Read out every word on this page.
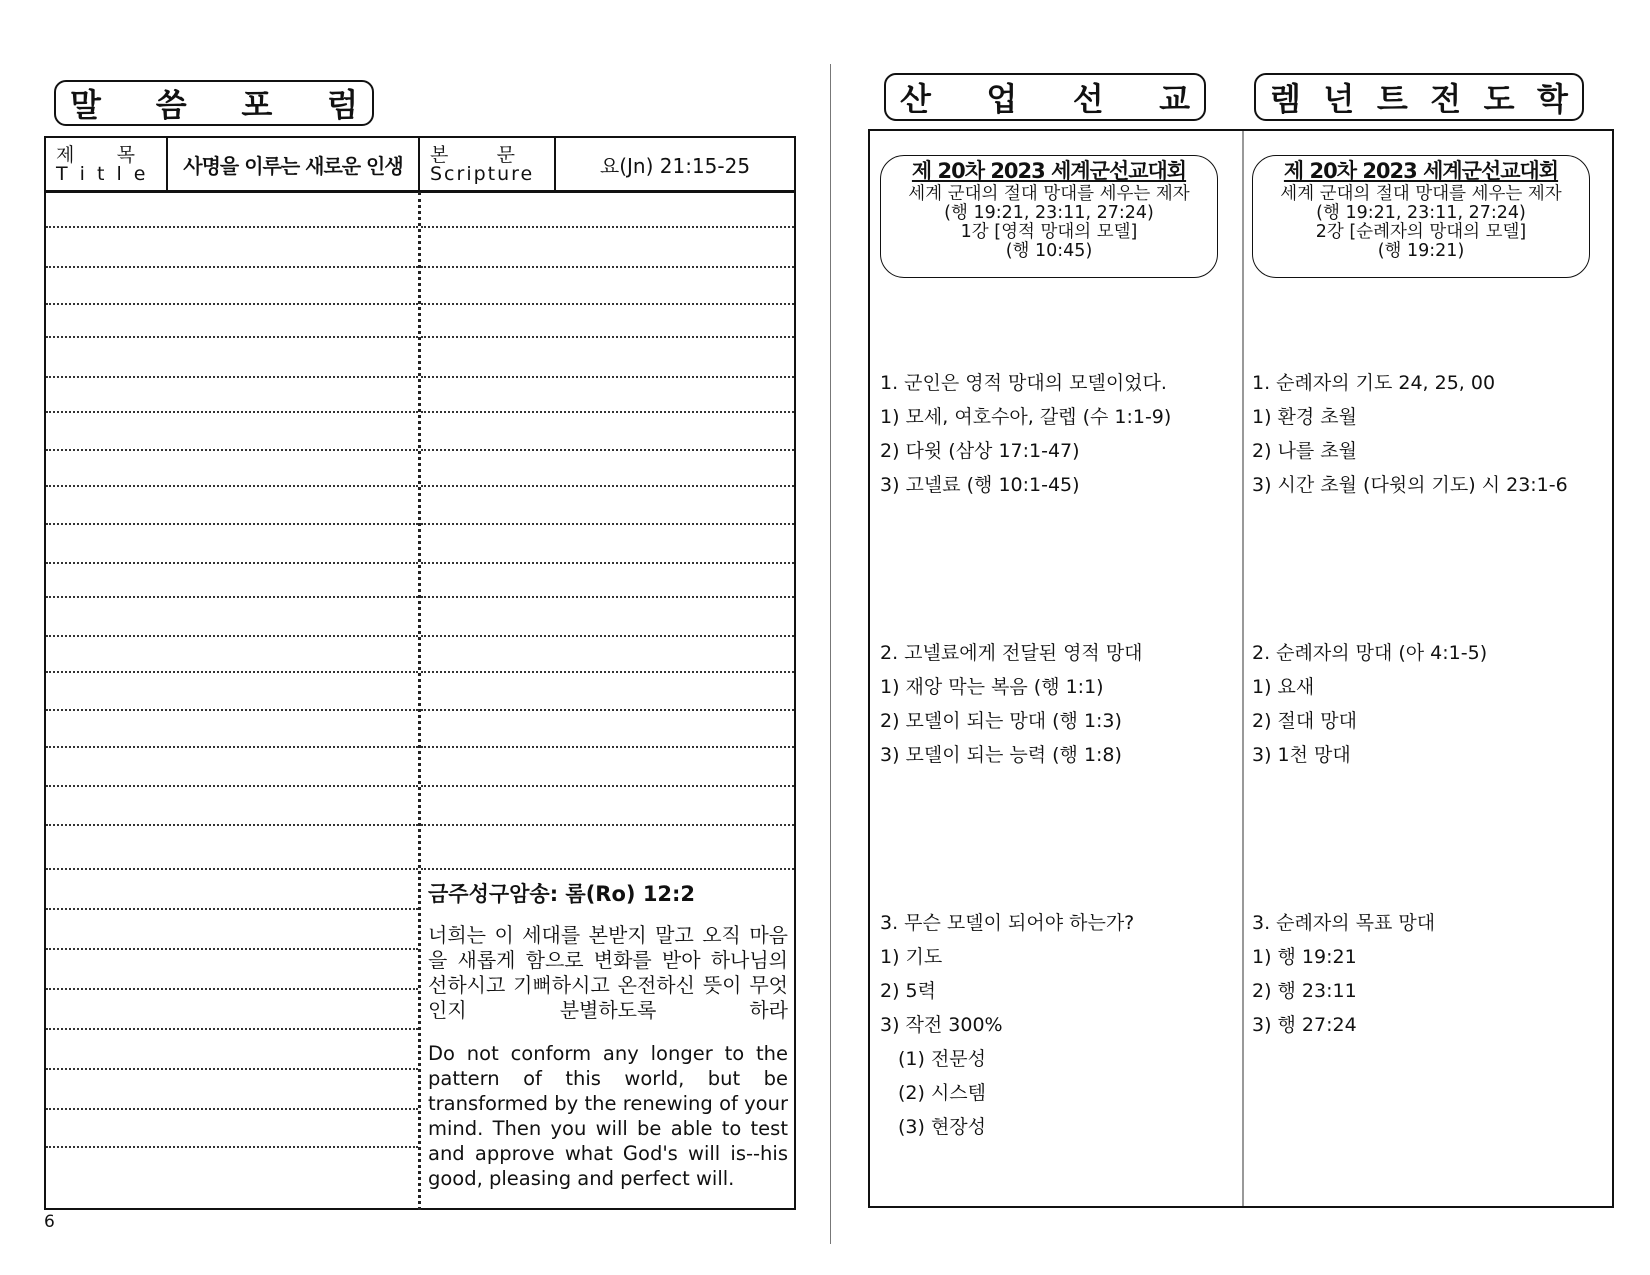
말 씀 포 럼
제       목
T i t l e 사명을 이루는 새로운 인생 본        문
Scripture	요(Jn) 21:15-25
금주성구암송: 롬(Ro) 12:2
너희는 이 세대를 본받지 말고 오직 마음을 새롭게 함으로 변화를 받아 하나님의 선하시고 기뻐하시고 온전하신 뜻이 무엇인지 분별하도록 하라
Do not conform any longer to the pattern of this world, but be transformed by the renewing of your mind. Then you will be able to test and approve what God's will is--his good, pleasing and perfect will.
6
산 업 선 교	렘 넌 트 전 도 학
제 20차 2023 세계군선교대회
세계 군대의 절대 망대를 세우는 제자
(행 19:21, 23:11, 27:24)
1강 [영적 망대의 모델]
(행 10:45)
1. 군인은 영적 망대의 모델이었다.
1) 모세, 여호수아, 갈렙 (수 1:1-9)
2) 다윗 (삼상 17:1-47)
3) 고넬료 (행 10:1-45)
2. 고넬료에게 전달된 영적 망대
1) 재앙 막는 복음 (행 1:1)
2) 모델이 되는 망대 (행 1:3)
3) 모델이 되는 능력 (행 1:8)
3. 무슨 모델이 되어야 하는가?
1) 기도
2) 5력
3) 작전 300%
(1) 전문성
(2) 시스템
(3) 현장성
제 20차 2023 세계군선교대회
세계 군대의 절대 망대를 세우는 제자
(행 19:21, 23:11, 27:24)
2강 [순례자의 망대의 모델]
(행 19:21)
1. 순례자의 기도 24, 25, 00
1) 환경 초월
2) 나를 초월
3) 시간 초월 (다윗의 기도) 시 23:1-6
2. 순례자의 망대 (아 4:1-5)
1) 요새
2) 절대 망대
3) 1천 망대
3. 순례자의 목표 망대
1) 행 19:21
2) 행 23:11
3) 행 27:24
